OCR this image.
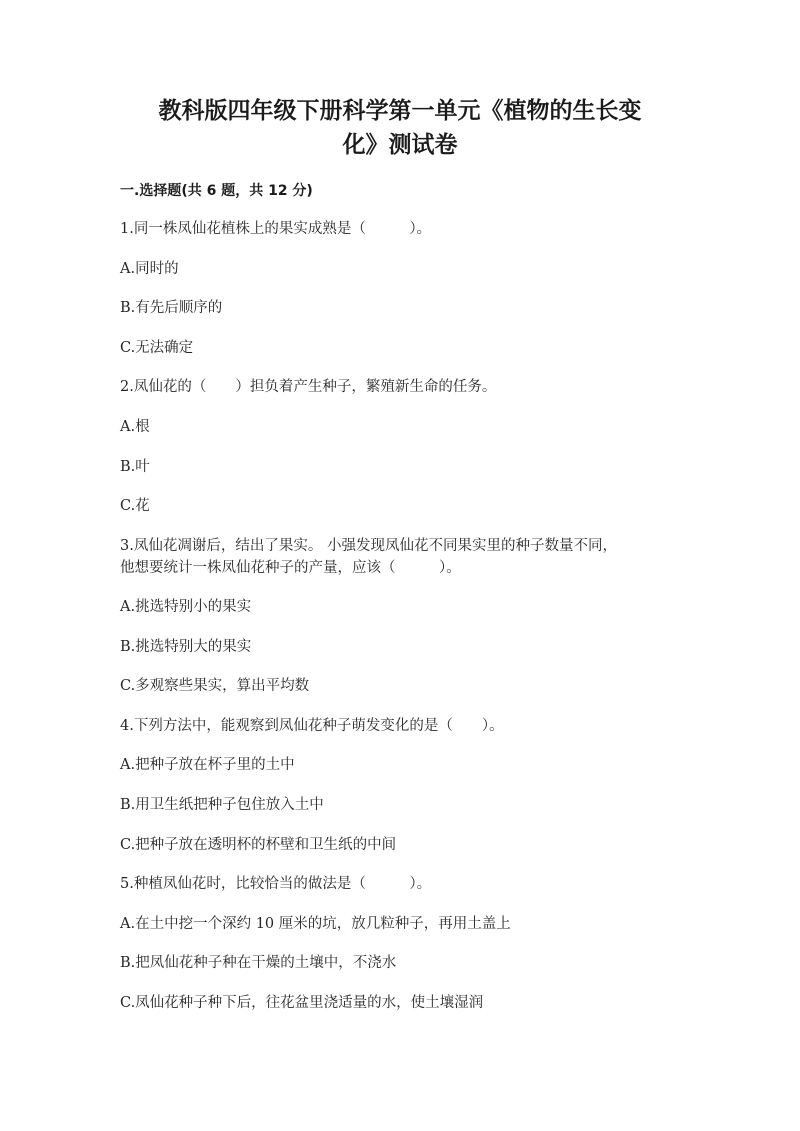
教科版四年级下册科学第一单元《植物的生长变
化》测试卷
一.选择题(共 6 题，共 12 分)
1.同一株凤仙花植株上的果实成熟是（　　　）。
A.同时的
B.有先后顺序的
C.无法确定
2.凤仙花的（　　）担负着产生种子，繁殖新生命的任务。
A.根
B.叶
C.花
3.凤仙花凋谢后，结出了果实。 小强发现凤仙花不同果实里的种子数量不同，
他想要统计一株凤仙花种子的产量，应该（　　　）。
A.挑选特别小的果实
B.挑选特别大的果实
C.多观察些果实，算出平均数
4.下列方法中，能观察到凤仙花种子萌发变化的是（　　）。
A.把种子放在杯子里的土中
B.用卫生纸把种子包住放入土中
C.把种子放在透明杯的杯壁和卫生纸的中间
5.种植凤仙花时，比较恰当的做法是（　　　）。
A.在土中挖一个深约 10 厘米的坑，放几粒种子，再用土盖上
B.把凤仙花种子种在干燥的土壤中，不浇水
C.凤仙花种子种下后，往花盆里浇适量的水，使土壤湿润
